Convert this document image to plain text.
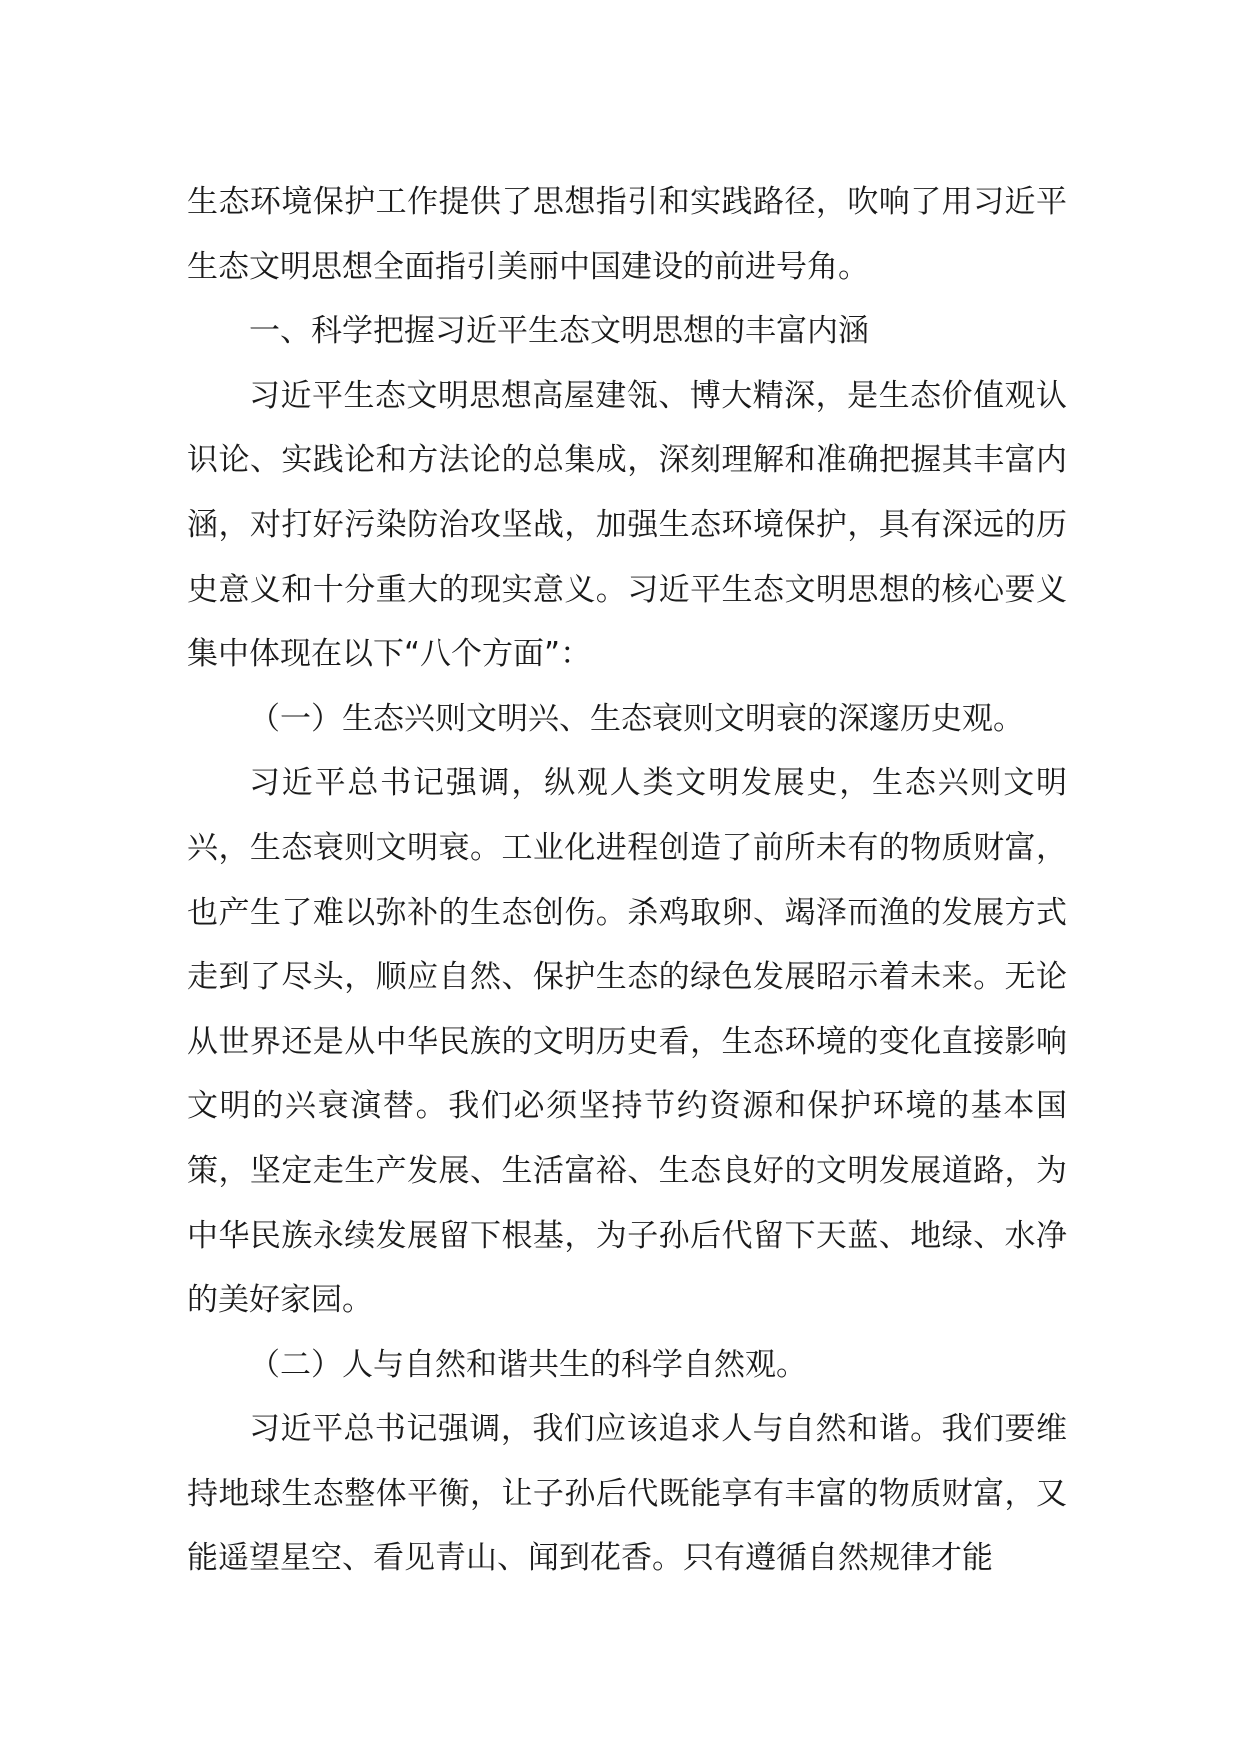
生态环境保护工作提供了思想指引和实践路径，吹响了用习近平生态文明思想全面指引美丽中国建设的前进号角。

一、科学把握习近平生态文明思想的丰富内涵

习近平生态文明思想高屋建瓴、博大精深，是生态价值观认识论、实践论和方法论的总集成，深刻理解和准确把握其丰富内涵，对打好污染防治攻坚战，加强生态环境保护，具有深远的历史意义和十分重大的现实意义。习近平生态文明思想的核心要义集中体现在以下“八个方面”：

（一）生态兴则文明兴、生态衰则文明衰的深邃历史观。

习近平总书记强调，纵观人类文明发展史，生态兴则文明兴，生态衰则文明衰。工业化进程创造了前所未有的物质财富，也产生了难以弥补的生态创伤。杀鸡取卵、竭泽而渔的发展方式走到了尽头，顺应自然、保护生态的绿色发展昭示着未来。无论从世界还是从中华民族的文明历史看，生态环境的变化直接影响文明的兴衰演替。我们必须坚持节约资源和保护环境的基本国策，坚定走生产发展、生活富裕、生态良好的文明发展道路，为中华民族永续发展留下根基，为子孙后代留下天蓝、地绿、水净的美好家园。

（二）人与自然和谐共生的科学自然观。

习近平总书记强调，我们应该追求人与自然和谐。我们要维持地球生态整体平衡，让子孙后代既能享有丰富的物质财富，又能遥望星空、看见青山、闻到花香。只有遵循自然规律才能
